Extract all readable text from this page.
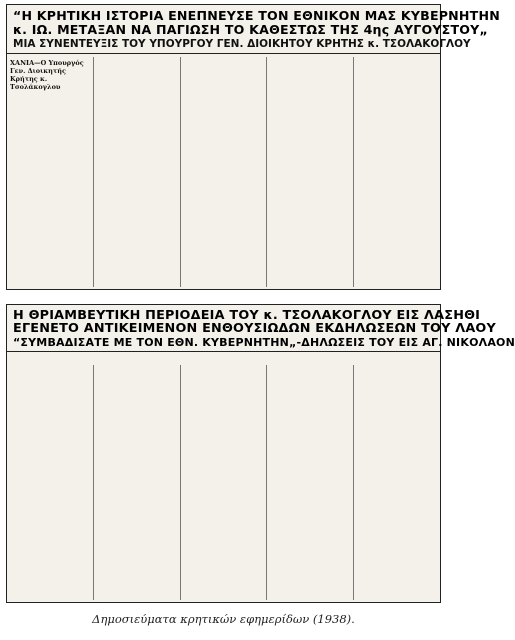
“Η ΚΡΗΤΙΚΗ ΙΣΤΟΡΙΑ ΕΝΕΠΝΕΥΣΕ ΤΟΝ ΕΘΝΙΚΟΝ ΜΑΣ ΚΥΒΕΡΝΗΤΗΝ
κ. ΙΩ. ΜΕΤΑΞΑΝ ΝΑ ΠΑΓΙΩΣΗ ΤΟ ΚΑΘΕΣΤΩΣ ΤΗΣ 4ης ΑΥΓΟΥΣΤΟΥ„
ΜΙΑ ΣΥΝΕΝΤΕΥΞΙΣ ΤΟΥ ΥΠΟΥΡΓΟΥ ΓΕΝ. ΔΙΟΙΚΗΤΟΥ ΚΡΗΤΗΣ κ. ΤΣΟΛΑΚΟΓΛΟΥ
ΧΑΝΙΑ—Ο Υπουργός Γεν. Διοικητής Κρήτης κ. Τσολάκογλου
Η ΘΡΙΑΜΒΕΥΤΙΚΗ ΠΕΡΙΟΔΕΙΑ ΤΟΥ κ. ΤΣΟΛΑΚΟΓΛΟΥ ΕΙΣ ΛΑΣΗΘΙ
ΕΓΕΝΕΤΟ ΑΝΤΙΚΕΙΜΕΝΟΝ ΕΝΘΟΥΣΙΩΔΩΝ ΕΚΔΗΛΩΣΕΩΝ ΤΟΥ ΛΑΟΥ
“ΣΥΜΒΑΔΙΣΑΤΕ ΜΕ ΤΟΝ ΕΘΝ. ΚΥΒΕΡΝΗΤΗΝ„-ΔΗΛΩΣΕΙΣ ΤΟΥ ΕΙΣ ΑΓ. ΝΙΚΟΛΑΟΝ
Δημοσιεύματα κρητικών εφημερίδων (1938).
